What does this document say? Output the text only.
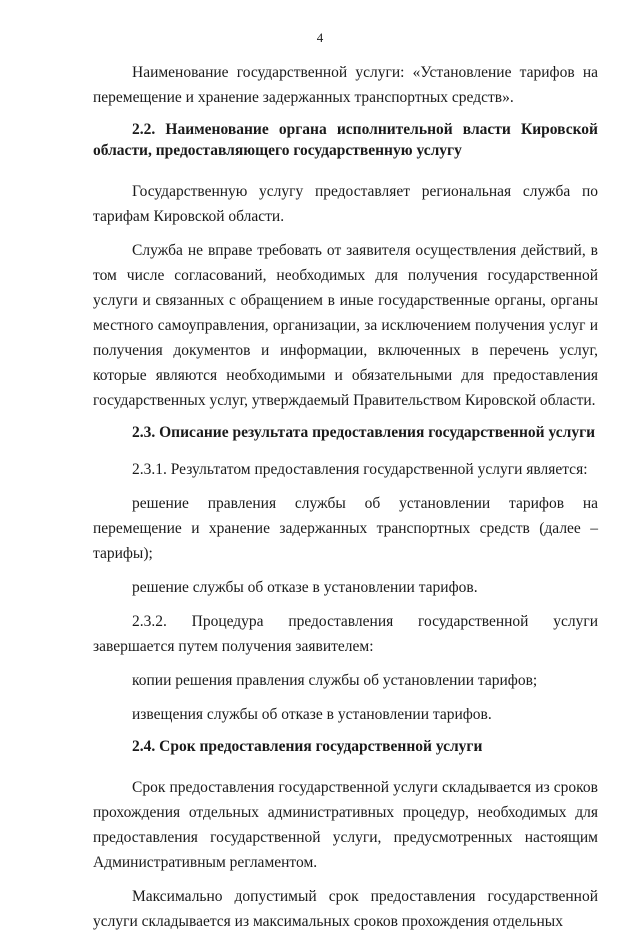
4

Наименование государственной услуги: «Установление тарифов на перемещение и хранение задержанных транспортных средств».

2.2. Наименование органа исполнительной власти Кировской области, предоставляющего государственную услугу

Государственную услугу предоставляет региональная служба по тарифам Кировской области.

Служба не вправе требовать от заявителя осуществления действий, в том числе согласований, необходимых для получения государственной услуги и связанных с обращением в иные государственные органы, органы местного самоуправления, организации, за исключением получения услуг и получения документов и информации, включенных в перечень услуг, которые являются необходимыми и обязательными для предоставления государственных услуг, утверждаемый Правительством Кировской области.

2.3. Описание результата предоставления государственной услуги

2.3.1. Результатом предоставления государственной услуги является:

решение правления службы об установлении тарифов на перемещение и хранение задержанных транспортных средств (далее – тарифы);

решение службы об отказе в установлении тарифов.

2.3.2. Процедура предоставления государственной услуги завершается путем получения заявителем:

копии решения правления службы об установлении тарифов;

извещения службы об отказе в установлении тарифов.

2.4. Срок предоставления государственной услуги

Срок предоставления государственной услуги складывается из сроков прохождения отдельных административных процедур, необходимых для предоставления государственной услуги, предусмотренных настоящим Административным регламентом.

Максимально допустимый срок предоставления государственной услуги складывается из максимальных сроков прохождения отдельных
